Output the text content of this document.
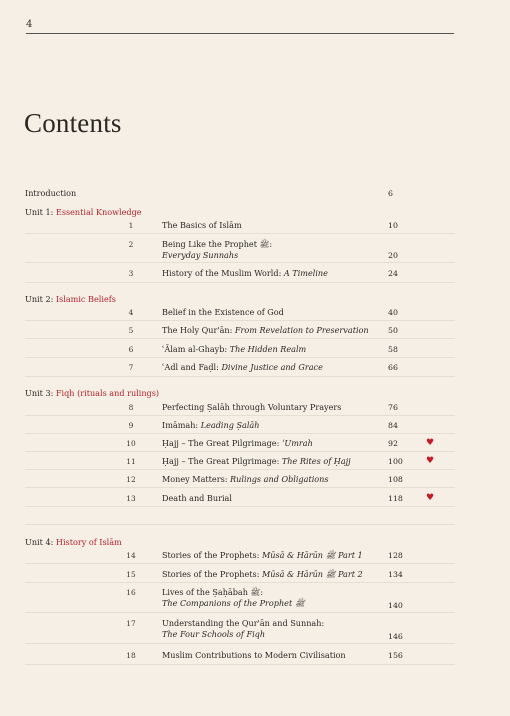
4
Contents
Introduction	6
Unit 1: Essential Knowledge
1	The Basics of Islām	10
2	Being Like the Prophet ﷺ:
Everyday Sunnahs	20
3	History of the Muslim World: A Timeline	24
Unit 2: Islamic Beliefs
4	Belief in the Existence of God	40
5	The Holy Qur'ān: From Revelation to Preservation 50
6	ʿĀlam al-Ghayb: The Hidden Realm	58
7	ʿAdl and Faḍl: Divine Justice and Grace	66
Unit 3: Fiqh (rituals and rulings)
8	Perfecting Ṣalāh through Voluntary Prayers	76
9	Imāmah: Leading Ṣalāh	84
10	Ḥajj – The Great Pilgrimage: ʿUmrah	92	♥
11	Ḥajj – The Great Pilgrimage: The Rites of Ḥajj	100	♥
12	Money Matters: Rulings and Obligations	108
13	Death and Burial	118	♥
Unit 4: History of Islām
14	Stories of the Prophets: Mūsā & Hārūn ﷺ Part 1	128
15	Stories of the Prophets: Mūsā & Hārūn ﷺ Part 2	134
16	Lives of the Ṣaḥābah ﷺ:
The Companions of the Prophet ﷺ	140
17	Understanding the Qur'ān and Sunnah:
The Four Schools of Fiqh	146
18	Muslim Contributions to Modern Civilisation	156
